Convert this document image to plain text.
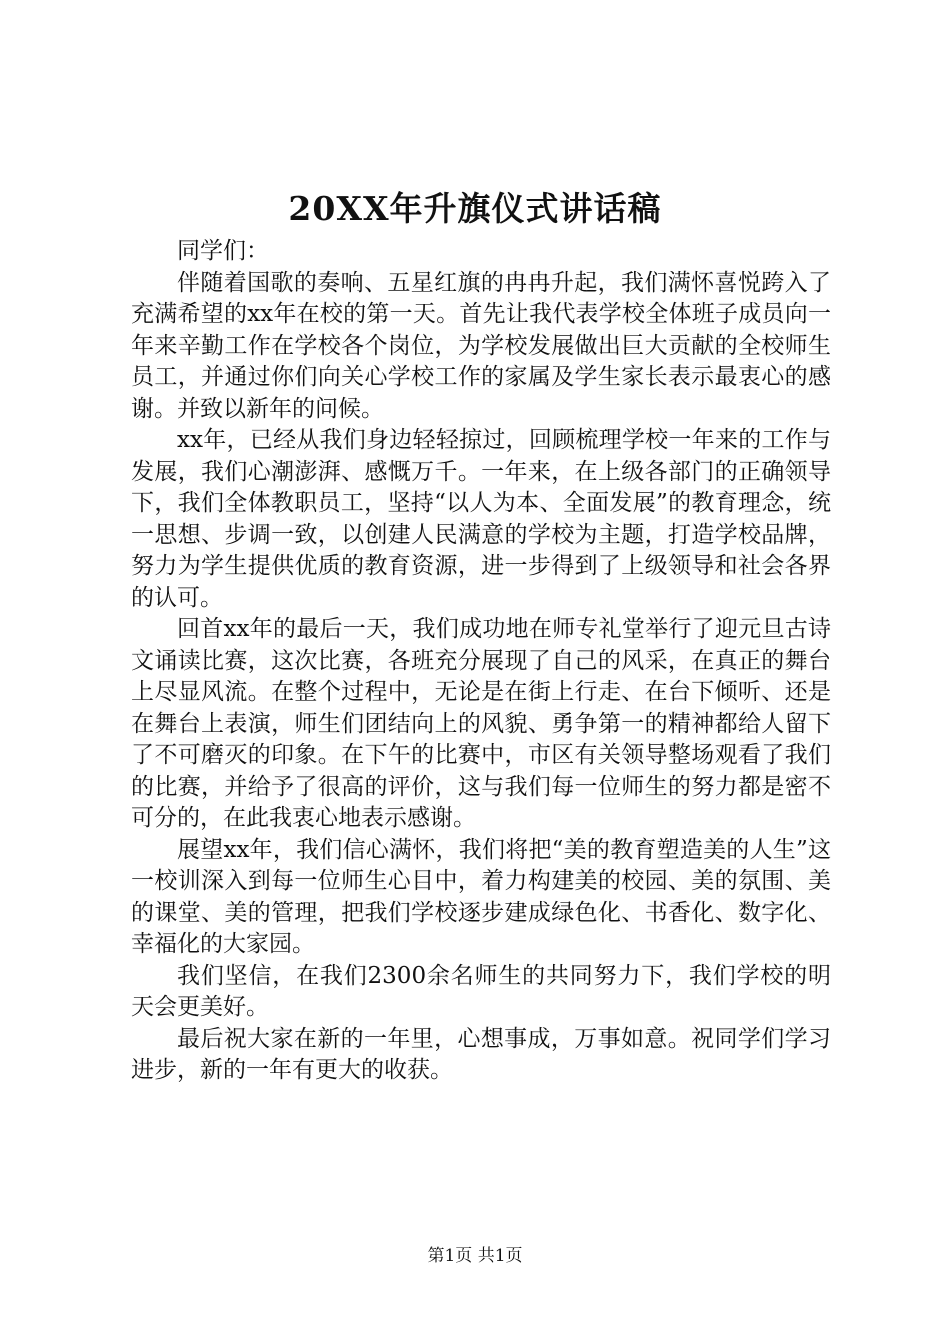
20XX年升旗仪式讲话稿

同学们：

伴随着国歌的奏响、五星红旗的冉冉升起，我们满怀喜悦跨入了充满希望的xx年在校的第一天。首先让我代表学校全体班子成员向一年来辛勤工作在学校各个岗位，为学校发展做出巨大贡献的全校师生员工，并通过你们向关心学校工作的家属及学生家长表示最衷心的感谢。并致以新年的问候。

xx年，已经从我们身边轻轻掠过，回顾梳理学校一年来的工作与发展，我们心潮澎湃、感慨万千。一年来，在上级各部门的正确领导下，我们全体教职员工，坚持“以人为本、全面发展”的教育理念，统一思想、步调一致，以创建人民满意的学校为主题，打造学校品牌，努力为学生提供优质的教育资源，进一步得到了上级领导和社会各界的认可。

回首xx年的最后一天，我们成功地在师专礼堂举行了迎元旦古诗文诵读比赛，这次比赛，各班充分展现了自己的风采，在真正的舞台上尽显风流。在整个过程中，无论是在街上行走、在台下倾听、还是在舞台上表演，师生们团结向上的风貌、勇争第一的精神都给人留下了不可磨灭的印象。在下午的比赛中，市区有关领导整场观看了我们的比赛，并给予了很高的评价，这与我们每一位师生的努力都是密不可分的，在此我衷心地表示感谢。

展望xx年，我们信心满怀，我们将把“美的教育塑造美的人生”这一校训深入到每一位师生心目中，着力构建美的校园、美的氛围、美的课堂、美的管理，把我们学校逐步建成绿色化、书香化、数字化、幸福化的大家园。

我们坚信，在我们2300余名师生的共同努力下，我们学校的明天会更美好。

最后祝大家在新的一年里，心想事成，万事如意。祝同学们学习进步，新的一年有更大的收获。

第1页 共1页
